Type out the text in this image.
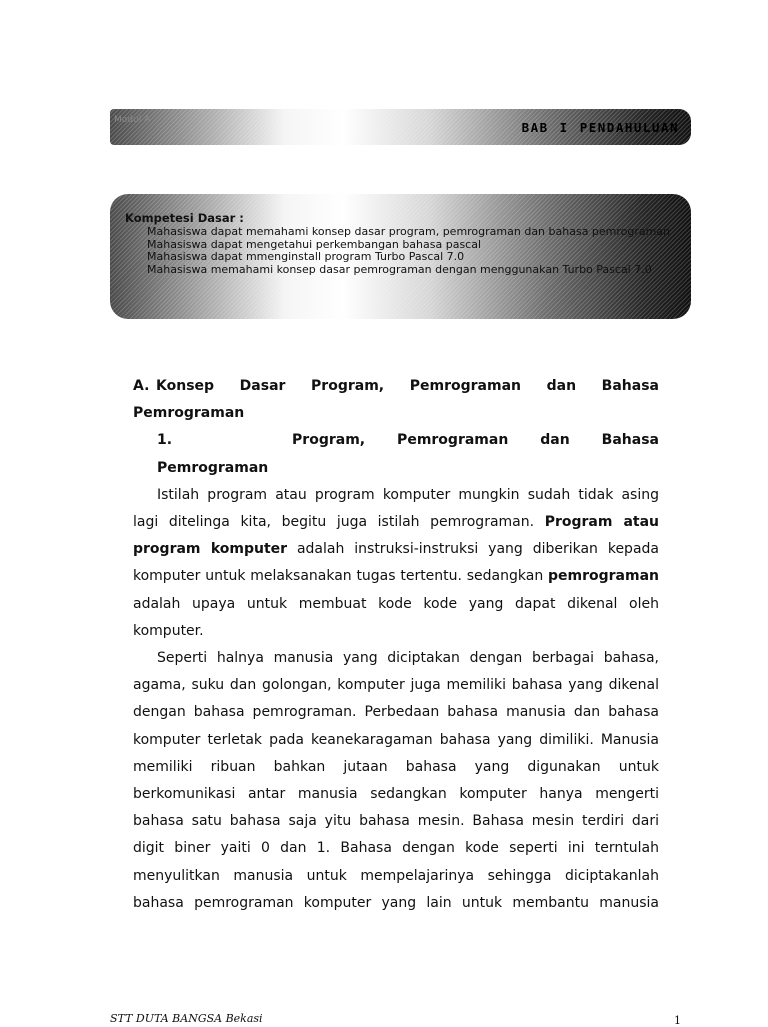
Modul A	BAB I PENDAHULUAN
Kompetesi Dasar :
Mahasiswa dapat memahami konsep dasar program, pemrograman dan bahasa pemrograman
Mahasiswa dapat mengetahui perkembangan bahasa pascal
Mahasiswa dapat mmenginstall program Turbo Pascal 7.0
Mahasiswa memahami konsep dasar pemrograman dengan menggunakan Turbo Pascal 7.0

A. Konsep Dasar Program, Pemrograman dan Bahasa Pemrograman

1.	Program, Pemrograman dan Bahasa Pemrograman

Istilah program atau program komputer mungkin sudah tidak asing lagi ditelinga kita, begitu juga istilah pemrograman. Program atau program komputer adalah instruksi-instruksi yang diberikan kepada komputer untuk melaksanakan tugas tertentu. sedangkan pemrograman adalah upaya untuk membuat kode kode yang dapat dikenal oleh komputer.

Seperti halnya manusia yang diciptakan dengan berbagai bahasa, agama, suku dan golongan, komputer juga memiliki bahasa yang dikenal dengan bahasa pemrograman. Perbedaan bahasa manusia dan bahasa komputer terletak pada keanekaragaman bahasa yang dimiliki. Manusia memiliki ribuan bahkan jutaan bahasa yang digunakan untuk berkomunikasi antar manusia sedangkan komputer hanya mengerti bahasa satu bahasa saja yitu bahasa mesin. Bahasa mesin terdiri dari digit biner yaiti 0 dan 1. Bahasa dengan kode seperti ini terntulah menyulitkan manusia untuk mempelajarinya sehingga diciptakanlah bahasa pemrograman komputer yang lain untuk membantu manusia

STT DUTA BANGSA Bekasi	1
